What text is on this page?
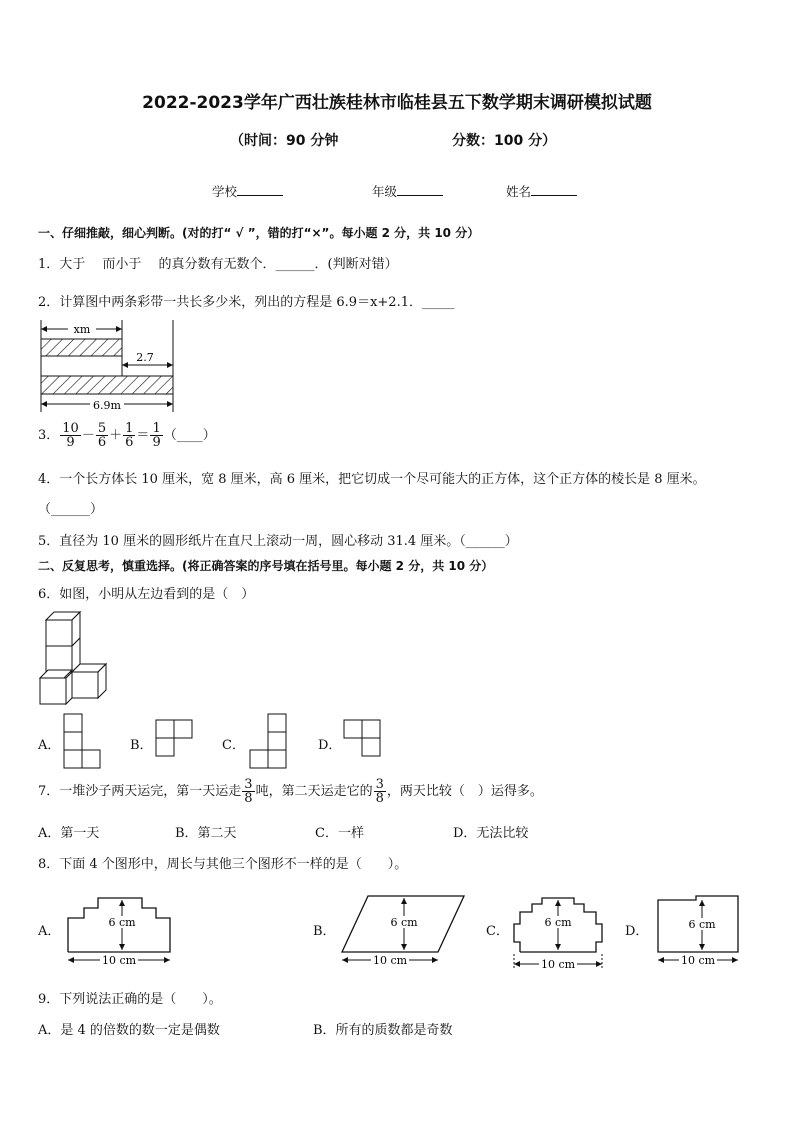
2022-2023学年广西壮族桂林市临桂县五下数学期末调研模拟试题
（时间：90 分钟	分数：100 分）
学校	年级	姓名
一、仔细推敲，细心判断。(对的打“ √ ”，错的打“×”。每小题 2 分，共 10 分）
1．大于　 而小于　 的真分数有无数个．______．(判断对错）
2．计算图中两条彩带一共长多少米，列出的方程是 6.9＝x+2.1．_____
xm
2.7
6.9m
3． $\frac{10}{9} - \frac{5}{6} + \frac{1}{6} = \frac{1}{9}$ （____）
4．一个长方体长 10 厘米，宽 8 厘米，高 6 厘米，把它切成一个尽可能大的正方体，这个正方体的棱长是 8 厘米。
（______）
5．直径为 10 厘米的圆形纸片在直尺上滚动一周，圆心移动 31.4 厘米。（______）
二、反复思考，慎重选择。(将正确答案的序号填在括号里。每小题 2 分，共 10 分）
6．如图，小明从左边看到的是（　）
A．	B．	C．	D．
7．一堆沙子两天运完，第一天运走 $\frac{3}{8}$ 吨，第二天运走它的 $\frac{3}{8}$ ，两天比较（　）运得多。
A．第一天	B．第二天	C．一样	D．无法比较
8．下面 4 个图形中，周长与其他三个图形不一样的是（　　）。
A．
6 cm
10 cm
B．
6 cm
10 cm
C．
6 cm
10 cm
D．	6 cm
10 cm
9．下列说法正确的是（　　）。
A．是 4 的倍数的数一定是偶数	B．所有的质数都是奇数
